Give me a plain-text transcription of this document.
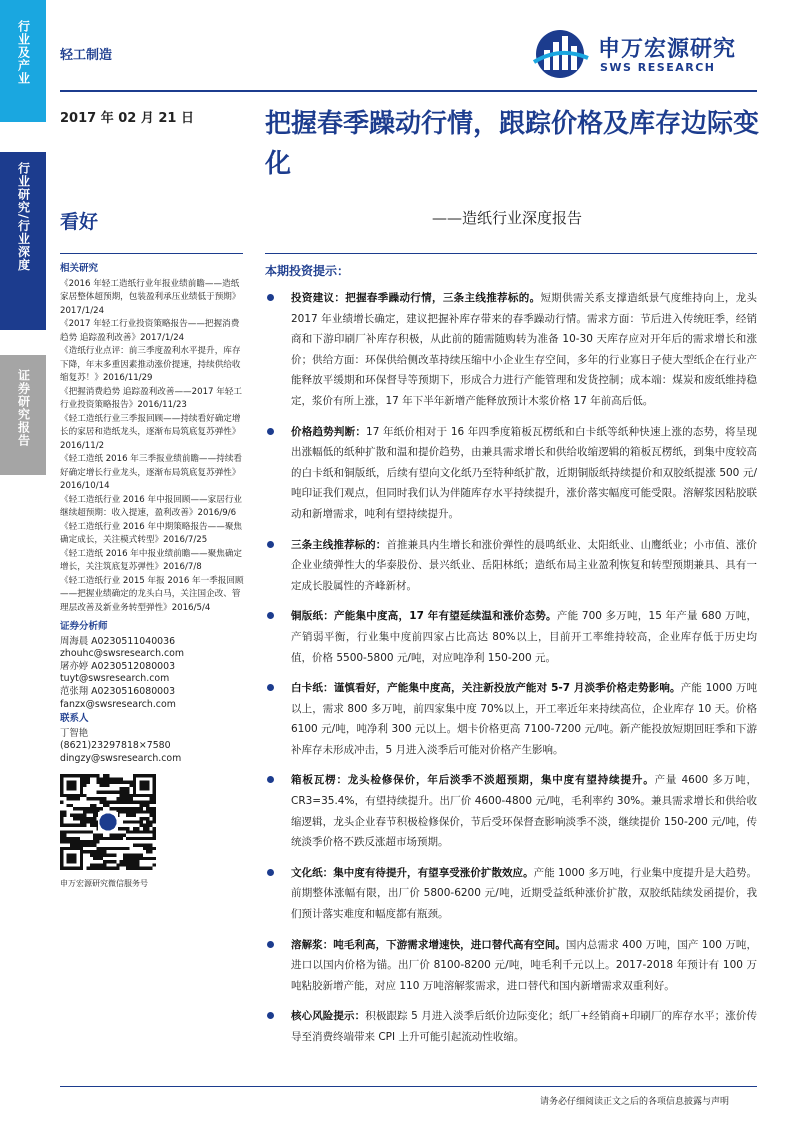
行业及产业
行业研究/行业深度
证券研究报告
轻工制造	申万宏源研究
SWS RESEARCH
2017 年 02 月 21 日	把握春季躁动行情，跟踪价格及库存边际变化
看好	——造纸行业深度报告
相关研究
《2016 年轻工造纸行业年报业绩前瞻——造纸家居整体超预期，包装盈利承压业绩低于预期》2017/1/24
《2017 年轻工行业投资策略报告——把握消费趋势 追踪盈利改善》2017/1/24
《造纸行业点评：前三季度盈利水平提升，库存下降，年末多重因素推动涨价提速，持续供给收缩复苏！》2016/11/29
《把握消费趋势 追踪盈利改善——2017 年轻工行业投资策略报告》2016/11/23
《轻工造纸行业三季报回顾——持续看好确定增长的家居和造纸龙头，逐渐布局筑底复苏弹性》2016/11/2
《轻工造纸 2016 年三季报业绩前瞻——持续看好确定增长行业龙头，逐渐布局筑底复苏弹性》2016/10/14
《轻工造纸行业 2016 年中报回顾——家居行业继续超预期：收入提速，盈利改善》2016/9/6
《轻工造纸行业 2016 年中期策略报告——聚焦确定成长，关注模式转型》2016/7/25
《轻工造纸 2016 年中报业绩前瞻——聚焦确定增长，关注筑底复苏弹性》2016/7/8
《轻工造纸行业 2015 年报 2016 年一季报回顾——把握业绩确定的龙头白马，关注国企改、管理层改善及新业务转型弹性》2016/5/4
证券分析师
周海晨 A0230511040036
zhouhc@swsresearch.com
屠亦婷 A0230512080003
tuyt@swsresearch.com
范张翔 A0230516080003
fanzx@swsresearch.com
联系人
丁智艳
(8621)23297818×7580
dingzy@swsresearch.com
申万宏源研究微信服务号
本期投资提示：
投资建议：把握春季躁动行情，三条主线推荐标的。短期供需关系支撑造纸景气度维持向上，龙头 2017 年业绩增长确定，建议把握补库存带来的春季躁动行情。需求方面：节后进入传统旺季，经销商和下游印刷厂补库存积极，从此前的随需随购转为准备 10-30 天库存应对开年后的需求增长和涨价；供给方面：环保供给侧改革持续压缩中小企业生存空间，多年的行业寡日子使大型纸企在行业产能释放平缓期和环保督导等预期下，形成合力进行产能管理和发货控制；成本端：煤炭和废纸维持稳定，浆价有所上涨，17 年下半年新增产能释放预计木浆价格 17 年前高后低。
价格趋势判断：17 年纸价相对于 16 年四季度箱板瓦楞纸和白卡纸等纸种快速上涨的态势，将呈现出涨幅低的纸种扩散和温和提价趋势，由兼具需求增长和供给收缩逻辑的箱板瓦楞纸，到集中度较高的白卡纸和铜版纸，后续有望向文化纸乃至特种纸扩散，近期铜版纸持续提价和双胶纸提涨 500 元/吨印证我们观点，但同时我们认为伴随库存水平持续提升，涨价落实幅度可能受限。溶解浆因粘胶联动和新增需求，吨利有望持续提升。
三条主线推荐标的：首推兼具内生增长和涨价弹性的晨鸣纸业、太阳纸业、山鹰纸业；小市值、涨价企业业绩弹性大的华泰股份、景兴纸业、岳阳林纸；造纸布局主业盈利恢复和转型预期兼具、具有一定成长股属性的齐峰新材。
铜版纸：产能集中度高，17 年有望延续温和涨价态势。产能 700 多万吨，15 年产量 680 万吨，产销弱平衡，行业集中度前四家占比高达 80%以上，目前开工率维持较高，企业库存低于历史均值，价格 5500-5800 元/吨，对应吨净利 150-200 元。
白卡纸：谨慎看好，产能集中度高，关注新投放产能对 5-7 月淡季价格走势影响。产能 1000 万吨以上，需求 800 多万吨，前四家集中度 70%以上，开工率近年来持续高位，企业库存 10 天。价格 6100 元/吨，吨净利 300 元以上。烟卡价格更高 7100-7200 元/吨。新产能投放短期回旺季和下游补库存未形成冲击，5 月进入淡季后可能对价格产生影响。
箱板瓦楞：龙头检修保价，年后淡季不淡超预期，集中度有望持续提升。产量 4600 多万吨，CR3=35.4%，有望持续提升。出厂价 4600-4800 元/吨，毛利率约 30%。兼具需求增长和供给收缩逻辑，龙头企业春节积极检修保价，节后受环保督查影响淡季不淡，继续提价 150-200 元/吨，传统淡季价格不跌反涨超市场预期。
文化纸：集中度有待提升，有望享受涨价扩散效应。产能 1000 多万吨，行业集中度提升是大趋势。前期整体涨幅有限，出厂价 5800-6200 元/吨，近期受益纸种涨价扩散，双胶纸陆续发函提价，我们预计落实难度和幅度都有瓶颈。
溶解浆：吨毛利高，下游需求增速快，进口替代高有空间。国内总需求 400 万吨，国产 100 万吨，进口以国内价格为锚。出厂价 8100-8200 元/吨，吨毛利千元以上。2017-2018 年预计有 100 万吨粘胶新增产能，对应 110 万吨溶解浆需求，进口替代和国内新增需求双重利好。
核心风险提示：积极跟踪 5 月进入淡季后纸价边际变化；纸厂+经销商+印刷厂的库存水平；涨价传导至消费终端带来 CPI 上升可能引起流动性收缩。
请务必仔细阅读正文之后的各项信息披露与声明
